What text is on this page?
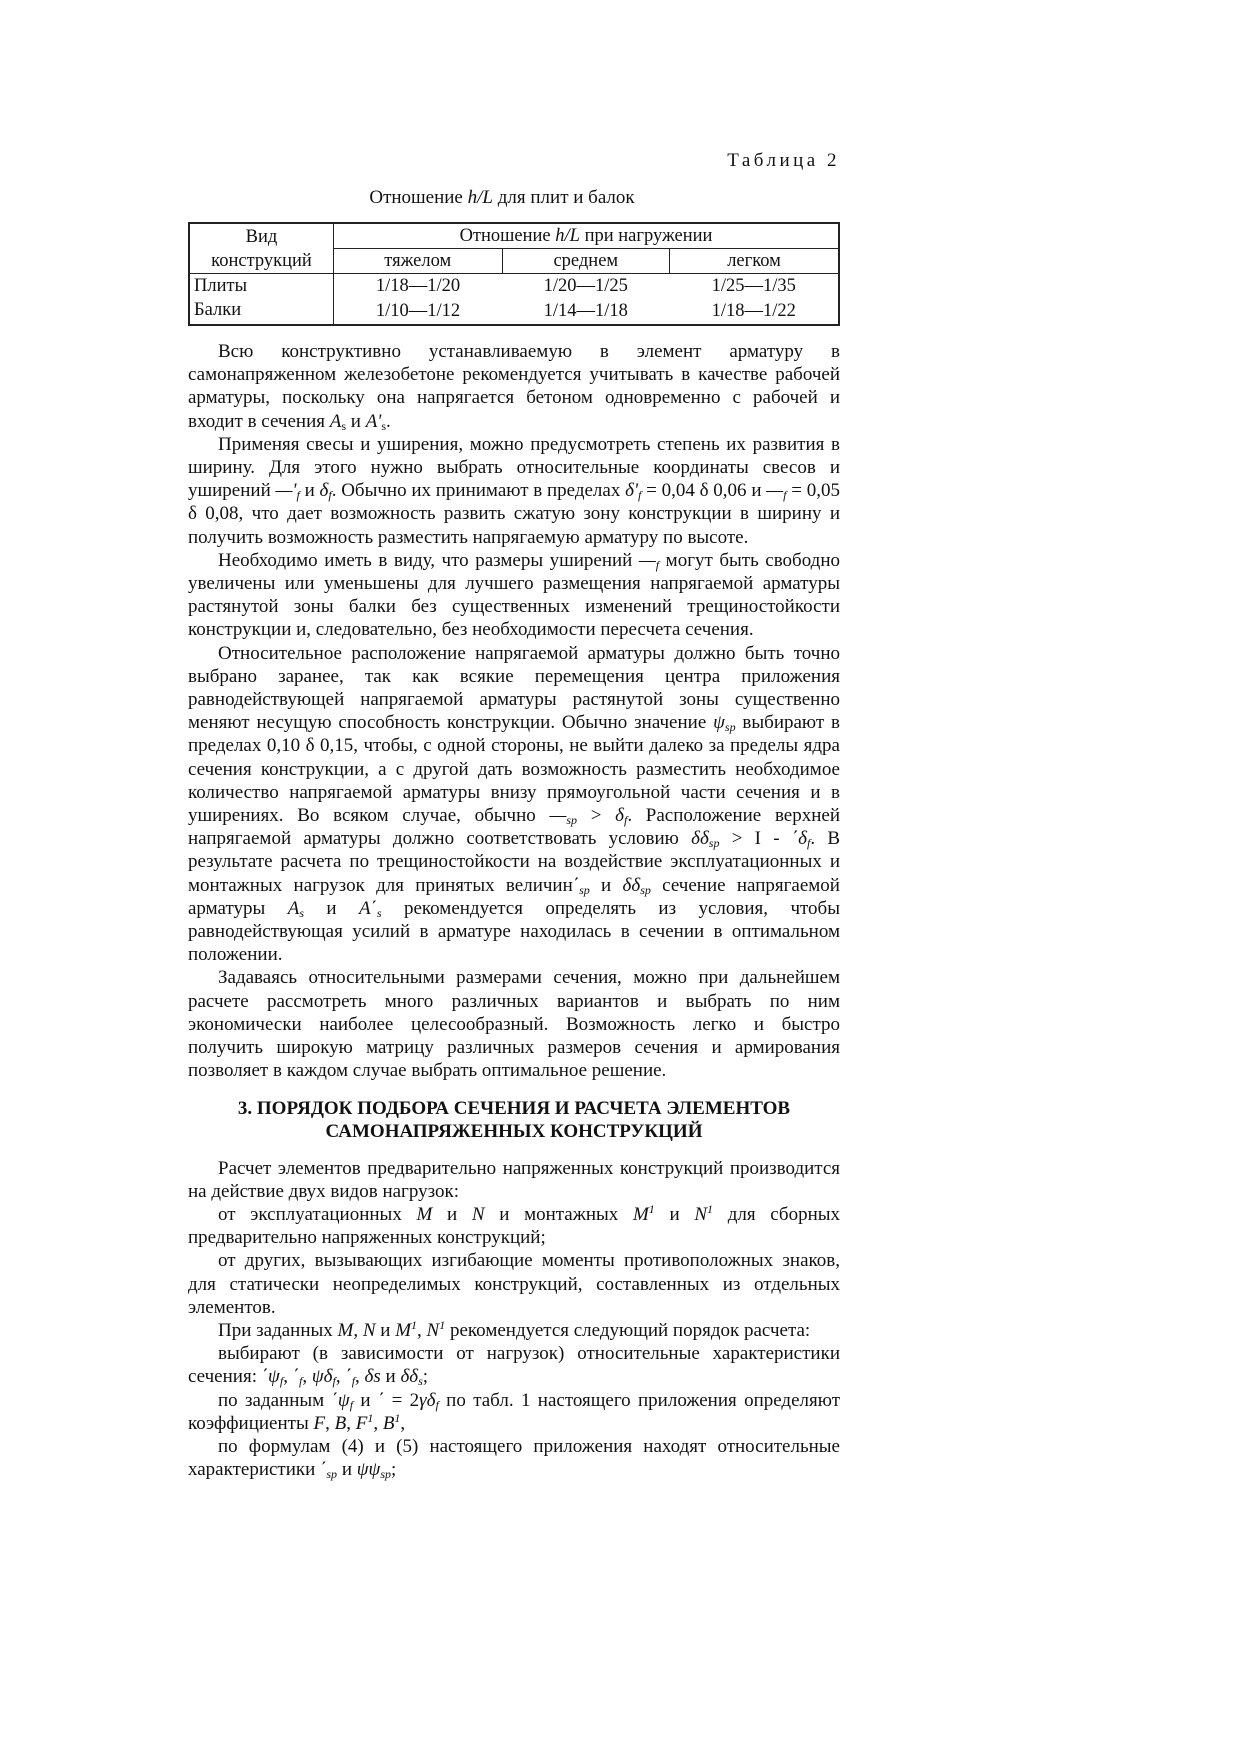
Таблица 2
Отношение h/L для плит и балок
Вид
конструкций	Отношение h/L при нагружении		
	тяжелом	среднем	легком
Плиты	1/18—1/20	1/20—1/25	1/25—1/35
Балки	1/10—1/12	1/14—1/18	1/18—1/22

Всю конструктивно устанавливаемую в элемент арматуру в самонапряженном железобетоне рекомендуется учитывать в качестве рабочей арматуры, поскольку она напрягается бетоном одновременно с рабочей и входит в сечения $A_s$ и $A'_s$.

Применяя свесы и уширения, можно предусмотреть степень их развития в ширину. Для этого нужно выбрать относительные координаты свесов и уширений $—'_f$ и $\delta_f$. Обычно их принимают в пределах $\delta'_f = 0,04$ δ 0,06 и $—_f = 0,05$ δ 0,08, что дает возможность развить сжатую зону конструкции в ширину и получить возможность разместить напрягаемую арматуру по высоте.

Необходимо иметь в виду, что размеры уширений $—_f$ могут быть свободно увеличены или уменьшены для лучшего размещения напрягаемой арматуры растянутой зоны балки без существенных изменений трещиностойкости конструкции и, следовательно, без необходимости пересчета сечения.

Относительное расположение напрягаемой арматуры должно быть точно выбрано заранее, так как всякие перемещения центра приложения равнодействующей напрягаемой арматуры растянутой зоны существенно меняют несущую способность конструкции. Обычно значение $\psi_{sp}$ выбирают в пределах 0,10 δ 0,15, чтобы, с одной стороны, не выйти далеко за пределы ядра сечения конструкции, а с другой дать возможность разместить необходимое количество напрягаемой арматуры внизу прямоугольной части сечения и в уширениях. Во всяком случае, обычно $—_{sp} > \delta_f$. Расположение верхней напрягаемой арматуры должно соответствовать условию $\delta\delta_{sp} > I - ΄\delta_f$. В результате расчета по трещиностойкости на воздействие эксплуатационных и монтажных нагрузок для принятых $величин΄_{sp}$ и $\delta\delta_{sp}$ сечение напрягаемой арматуры $A_s$ и $A΄_s$ рекомендуется определять из условия, чтобы равнодействующая усилий в арматуре находилась в сечении в оптимальном положении.

Задаваясь относительными размерами сечения, можно при дальнейшем расчете рассмотреть много различных вариантов и выбрать по ним экономически наиболее целесообразный. Возможность легко и быстро получить широкую матрицу различных размеров сечения и армирования позволяет в каждом случае выбрать оптимальное решение.

3. ПОРЯДОК ПОДБОРА СЕЧЕНИЯ И РАСЧЕТА ЭЛЕМЕНТОВ
САМОНАПРЯЖЕННЫХ КОНСТРУКЦИЙ

Расчет элементов предварительно напряженных конструкций производится на действие двух видов нагрузок:

от эксплуатационных M и N и монтажных $M^1$ и $N^1$ для сборных предварительно напряженных конструкций;

от других, вызывающих изгибающие моменты противоположных знаков, для статически неопределимых конструкций, составленных из отдельных элементов.

При заданных M, N и $M^1$, $N^1$ рекомендуется следующий порядок расчета:

выбирают (в зависимости от нагрузок) относительные характеристики сечения: $΄\psi_f$, $΄_f$, $\psi\delta_f$, $΄_f$, δs и $\delta\delta_s$;

по заданным $΄\psi_f$ и ΄ = $2\gamma\delta_f$ по табл. 1 настоящего приложения определяют коэффициенты F, B, $F^1$, $B^1$,

по формулам (4) и (5) настоящего приложения находят относительные характеристики $΄_{sp}$ и $\psi\psi_{sp}$;
